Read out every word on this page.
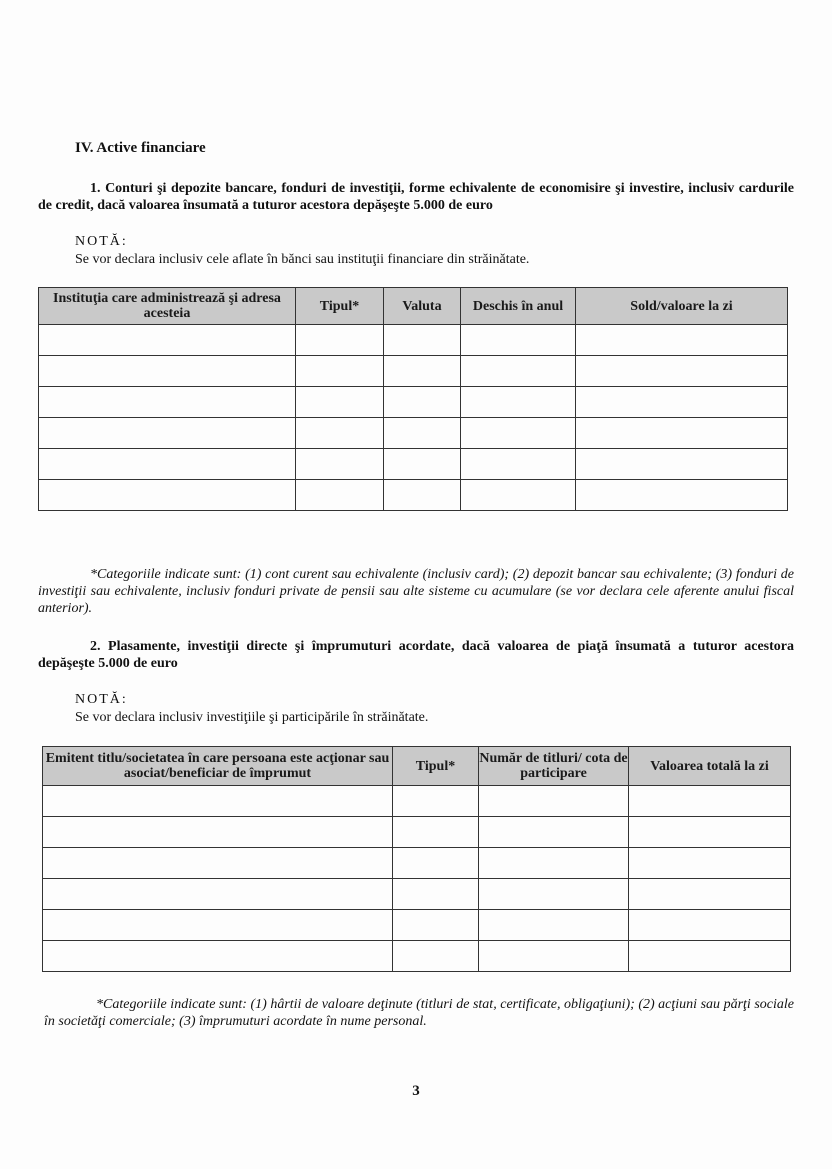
IV. Active financiare
1. Conturi şi depozite bancare, fonduri de investiţii, forme echivalente de economisire şi investire, inclusiv cardurile de credit, dacă valoarea însumată a tuturor acestora depăşeşte 5.000 de euro
NOTĂ:
Se vor declara inclusiv cele aflate în bănci sau instituţii financiare din străinătate.
Instituţia care administrează şi adresa acesteia	Tipul*	Valuta	Deschis în anul	Sold/valoare la zi

*Categoriile indicate sunt: (1) cont curent sau echivalente (inclusiv card); (2) depozit bancar sau echivalente; (3) fonduri de investiţii sau echivalente, inclusiv fonduri private de pensii sau alte sisteme cu acumulare (se vor declara cele aferente anului fiscal anterior).
2. Plasamente, investiţii directe şi împrumuturi acordate, dacă valoarea de piaţă însumată a tuturor acestora depăşeşte 5.000 de euro
NOTĂ:
Se vor declara inclusiv investiţiile şi participările în străinătate.
Emitent titlu/societatea în care persoana este acţionar sau asociat/beneficiar de împrumut	Tipul*	Număr de titluri/ cota de participare	Valoarea totală la zi

*Categoriile indicate sunt: (1) hârtii de valoare deţinute (titluri de stat, certificate, obligaţiuni); (2) acţiuni sau părţi sociale în societăţi comerciale; (3) împrumuturi acordate în nume personal.
3
